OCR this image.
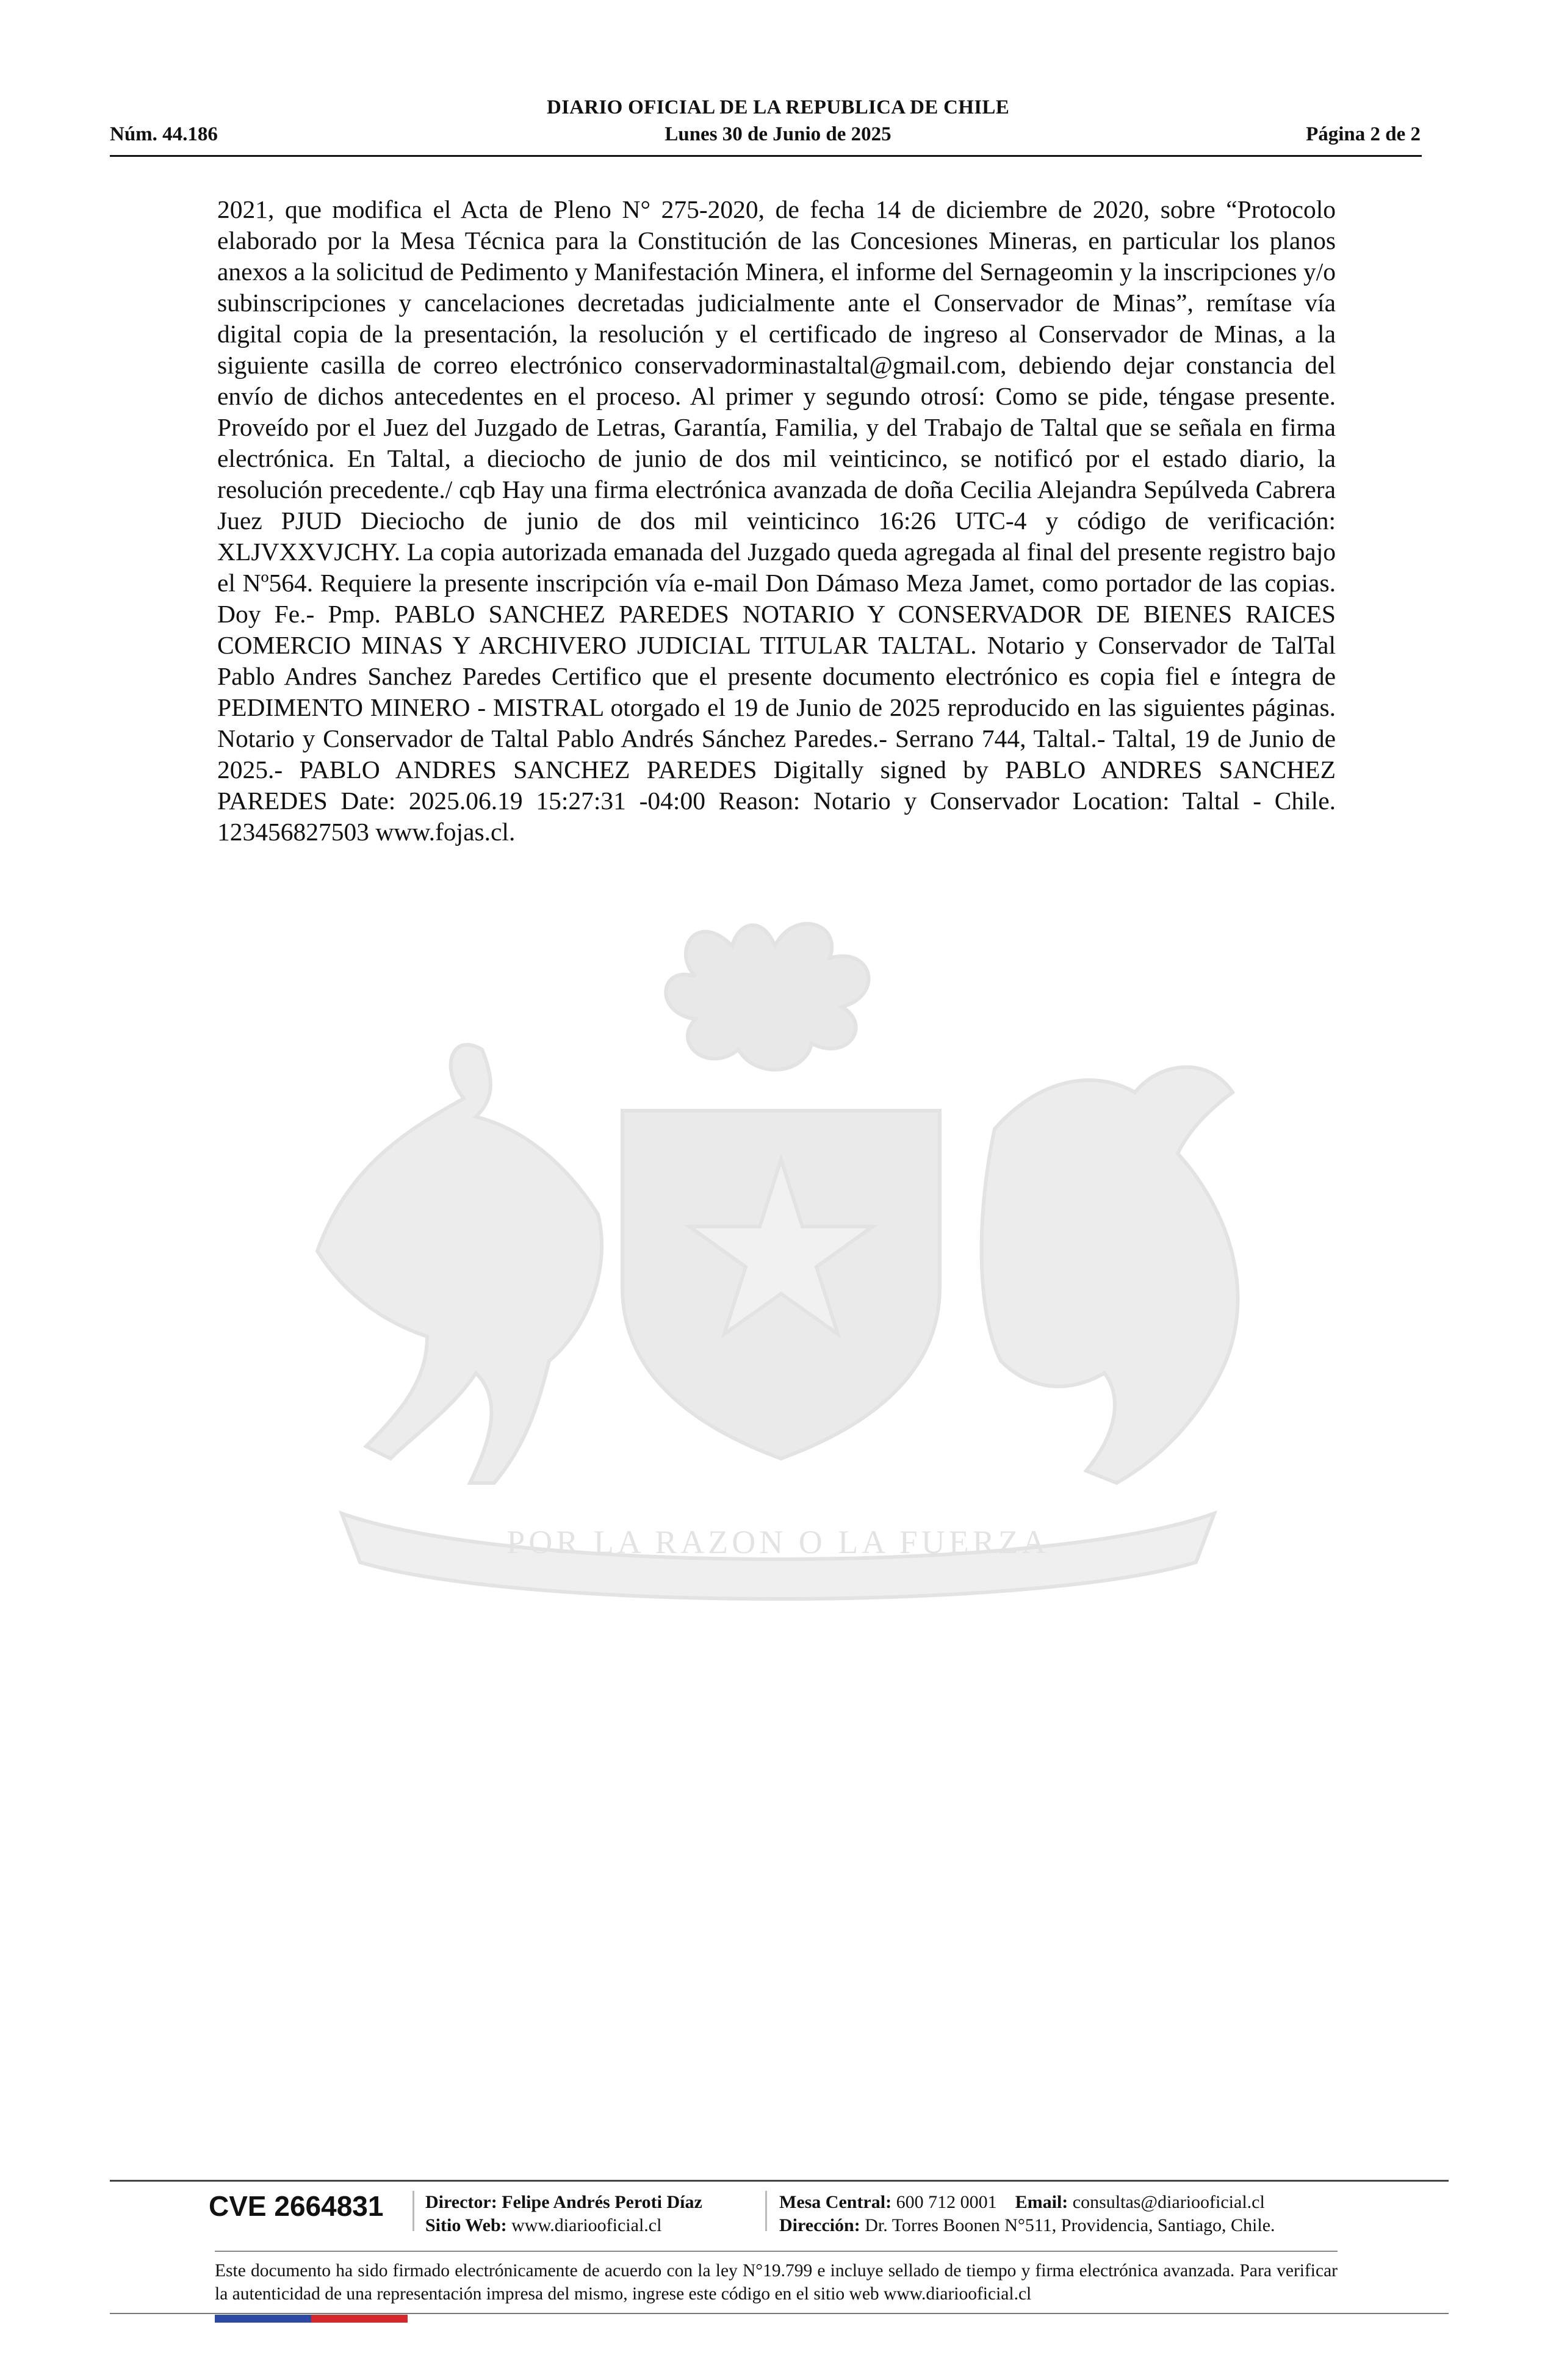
DIARIO OFICIAL DE LA REPUBLICA DE CHILE
Núm. 44.186	Lunes 30 de Junio de 2025	Página 2 de 2
POR LA RAZON O LA FUERZA
2021, que modifica el Acta de Pleno N° 275-2020, de fecha 14 de diciembre de 2020, sobre “Protocolo elaborado por la Mesa Técnica para la Constitución de las Concesiones Mineras, en particular los planos anexos a la solicitud de Pedimento y Manifestación Minera, el informe del Sernageomin y la inscripciones y/o subinscripciones y cancelaciones decretadas judicialmente ante el Conservador de Minas”, remítase vía digital copia de la presentación, la resolución y el certificado de ingreso al Conservador de Minas, a la siguiente casilla de correo electrónico conservadorminastaltal@gmail.com, debiendo dejar constancia del envío de dichos antecedentes en el proceso. Al primer y segundo otrosí: Como se pide, téngase presente. Proveído por el Juez del Juzgado de Letras, Garantía, Familia, y del Trabajo de Taltal que se señala en firma electrónica. En Taltal, a dieciocho de junio de dos mil veinticinco, se notificó por el estado diario, la resolución precedente./ cqb Hay una firma electrónica avanzada de doña Cecilia Alejandra Sepúlveda Cabrera Juez PJUD Dieciocho de junio de dos mil veinticinco 16:26 UTC-4 y código de verificación: XLJVXXVJCHY. La copia autorizada emanada del Juzgado queda agregada al final del presente registro bajo el Nº564. Requiere la presente inscripción vía e-mail Don Dámaso Meza Jamet, como portador de las copias. Doy Fe.- Pmp. PABLO SANCHEZ PAREDES NOTARIO Y CONSERVADOR DE BIENES RAICES COMERCIO MINAS Y ARCHIVERO JUDICIAL TITULAR TALTAL. Notario y Conservador de TalTal Pablo Andres Sanchez Paredes Certifico que el presente documento electrónico es copia fiel e íntegra de PEDIMENTO MINERO - MISTRAL otorgado el 19 de Junio de 2025 reproducido en las siguientes páginas. Notario y Conservador de Taltal Pablo Andrés Sánchez Paredes.- Serrano 744, Taltal.- Taltal, 19 de Junio de 2025.- PABLO ANDRES SANCHEZ PAREDES Digitally signed by PABLO ANDRES SANCHEZ PAREDES Date: 2025.06.19 15:27:31 -04:00 Reason: Notario y Conservador Location: Taltal - Chile. 123456827503 www.fojas.cl.
CVE 2664831 Director: Felipe Andrés Peroti Díaz
Sitio Web: www.diariooficial.cl
Mesa Central: 600 712 0001 Email: consultas@diariooficial.cl
Dirección: Dr. Torres Boonen N°511, Providencia, Santiago, Chile.
Este documento ha sido firmado electrónicamente de acuerdo con la ley N°19.799 e incluye sellado de tiempo y firma electrónica avanzada. Para verificar la autenticidad de una representación impresa del mismo, ingrese este código en el sitio web www.diariooficial.cl
